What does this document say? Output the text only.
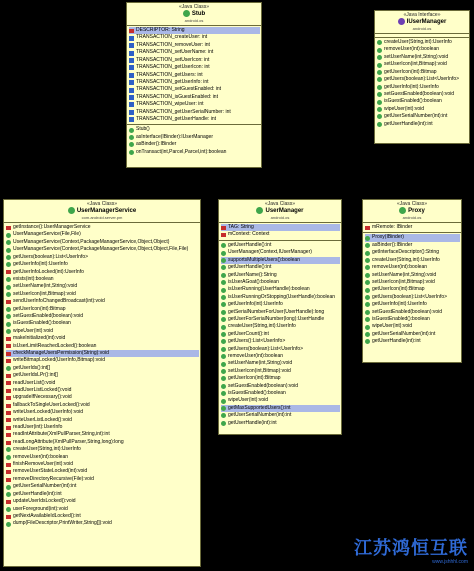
«Java Class»
Stub
android.os
DESCRIPTOR: String
TRANSACTION_createUser: int
TRANSACTION_removeUser: int
TRANSACTION_setUserName: int
TRANSACTION_setUserIcon: int
TRANSACTION_getUserIcon: int
TRANSACTION_getUsers: int
TRANSACTION_getUserInfo: int
TRANSACTION_setGuestEnabled: int
TRANSACTION_isGuestEnabled: int
TRANSACTION_wipeUser: int
TRANSACTION_getUserSerialNumber: int
TRANSACTION_getUserHandle: int
Stub()
asInterface(IBinder):IUserManager
asBinder():IBinder
onTransact(int,Parcel,Parcel,int):boolean
«Java Interface»
IUserManager
android.os
createUser(String,int):UserInfo
removeUser(int):boolean
setUserName(int,String):void
setUserIcon(int,Bitmap):void
getUserIcon(int):Bitmap
getUsers(boolean):List<UserInfo>
getUserInfo(int):UserInfo
setGuestEnabled(boolean):void
isGuestEnabled():boolean
wipeUser(int):void
getUserSerialNumber(int):int
getUserHandle(int):int
«Java Class»
UserManagerService
com.android.server.pm
getInstance():UserManagerService
UserManagerService(File,File)
UserManagerService(Context,PackageManagerService,Object,Object)
UserManagerService(Context,PackageManagerService,Object,Object,File,File)
getUsers(boolean):List<UserInfo>
getUserInfo(int):UserInfo
getUserInfoLocked(int):UserInfo
exists(int):boolean
setUserName(int,String):void
setUserIcon(int,Bitmap):void
sendUserInfoChangedBroadcast(int):void
getUserIcon(int):Bitmap
setGuestEnabled(boolean):void
isGuestEnabled():boolean
wipeUser(int):void
makeInitialized(int):void
isUserLimitReachedLocked():boolean
checkManageUsersPermission(String):void
writeBitmapLocked(UserInfo,Bitmap):void
getUserIds():int[]
getUserIdsLPr():int[]
readUserList():void
readUserListLocked():void
upgradeIfNecessary():void
fallbackToSingleUserLocked():void
writeUserLocked(UserInfo):void
writeUserListLocked():void
readUser(int):UserInfo
readIntAttribute(XmlPullParser,String,int):int
readLongAttribute(XmlPullParser,String,long):long
createUser(String,int):UserInfo
removeUser(int):boolean
finishRemoveUser(int):void
removeUserStateLocked(int):void
removeDirectoryRecursive(File):void
getUserSerialNumber(int):int
getUserHandle(int):int
updateUserIdsLocked():void
userForeground(int):void
getNextAvailableIdLocked():int
dump(FileDescriptor,PrintWriter,String[]):void
«Java Class»
UserManager
android.os
TAG: String
mContext: Context
getUserHandle():int
UserManager(Context,IUserManager)
supportsMultipleUsers():boolean
getUserHandle():int
getUserName():String
isUserAGoat():boolean
isUserRunning(UserHandle):boolean
isUserRunningOrStopping(UserHandle):boolean
getUserInfo(int):UserInfo
getSerialNumberForUser(UserHandle):long
getUserForSerialNumber(long):UserHandle
createUser(String,int):UserInfo
getUserCount():int
getUsers():List<UserInfo>
getUsers(boolean):List<UserInfo>
removeUser(int):boolean
setUserName(int,String):void
setUserIcon(int,Bitmap):void
getUserIcon(int):Bitmap
setGuestEnabled(boolean):void
isGuestEnabled():boolean
wipeUser(int):void
getMaxSupportedUsers():int
getUserSerialNumber(int):int
getUserHandle(int):int
«Java Class»
Proxy
android.os
mRemote: IBinder
Proxy(IBinder)
asBinder():IBinder
getInterfaceDescriptor():String
createUser(String,int):UserInfo
removeUser(int):boolean
setUserName(int,String):void
setUserIcon(int,Bitmap):void
getUserIcon(int):Bitmap
getUsers(boolean):List<UserInfo>
getUserInfo(int):UserInfo
setGuestEnabled(boolean):void
isGuestEnabled():boolean
wipeUser(int):void
getUserSerialNumber(int):int
getUserHandle(int):int
江苏鸿恒互联
www.jshhhl.com
